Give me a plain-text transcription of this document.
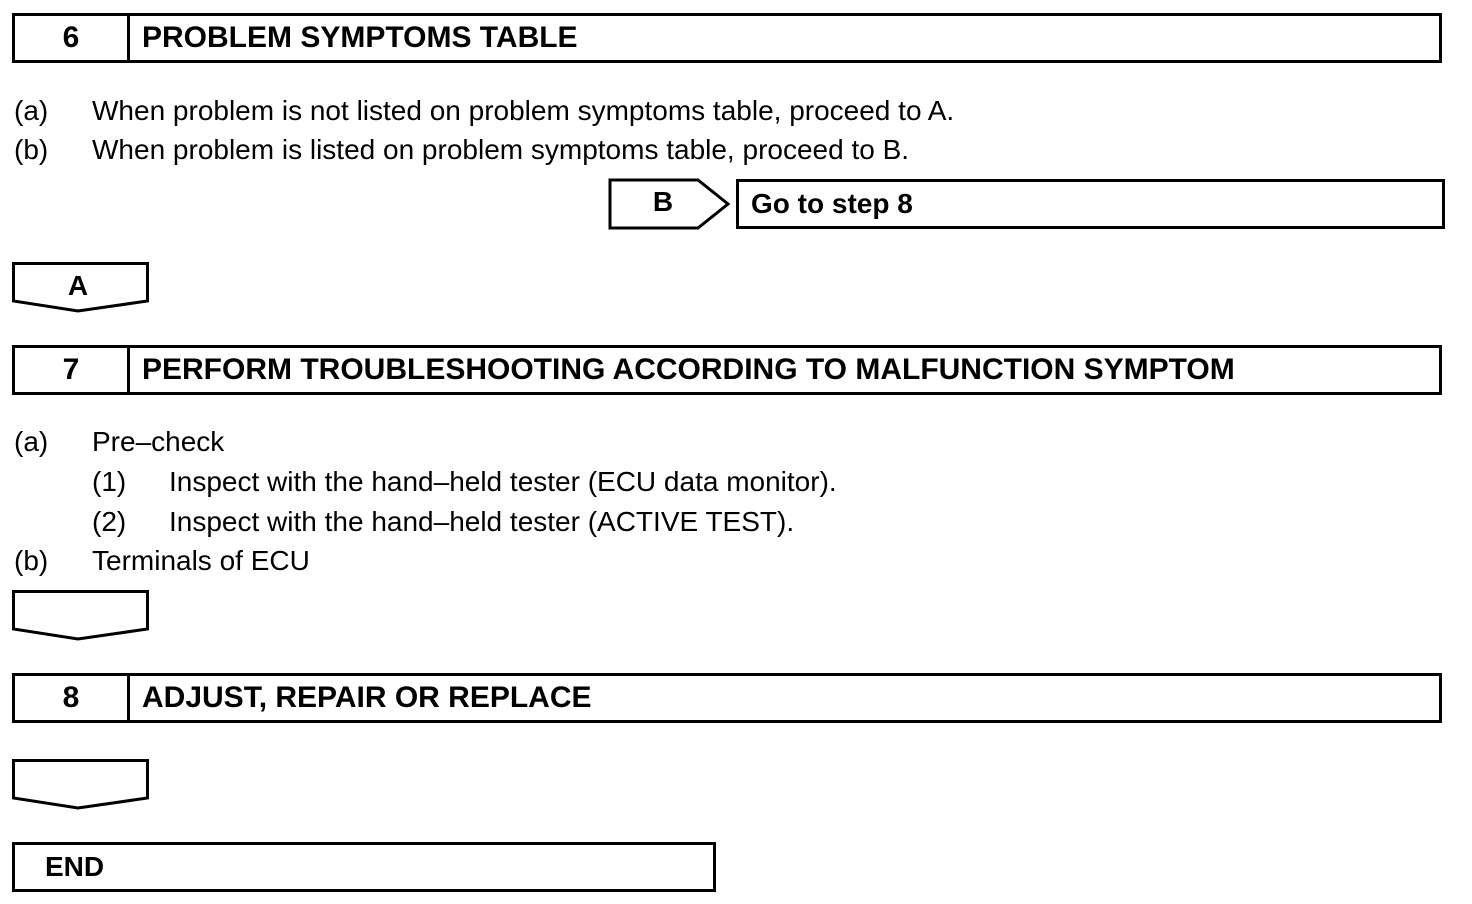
6	PROBLEM SYMPTOMS TABLE
(a) When problem is not listed on problem symptoms table, proceed to A.
(b) When problem is listed on problem symptoms table, proceed to B.
B	Go to step 8
A
7	PERFORM TROUBLESHOOTING ACCORDING TO MALFUNCTION SYMPTOM
(a) Pre–check
(1) Inspect with the hand–held tester (ECU data monitor).
(2) Inspect with the hand–held tester (ACTIVE TEST).
(b) Terminals of ECU
8	ADJUST, REPAIR OR REPLACE
END
